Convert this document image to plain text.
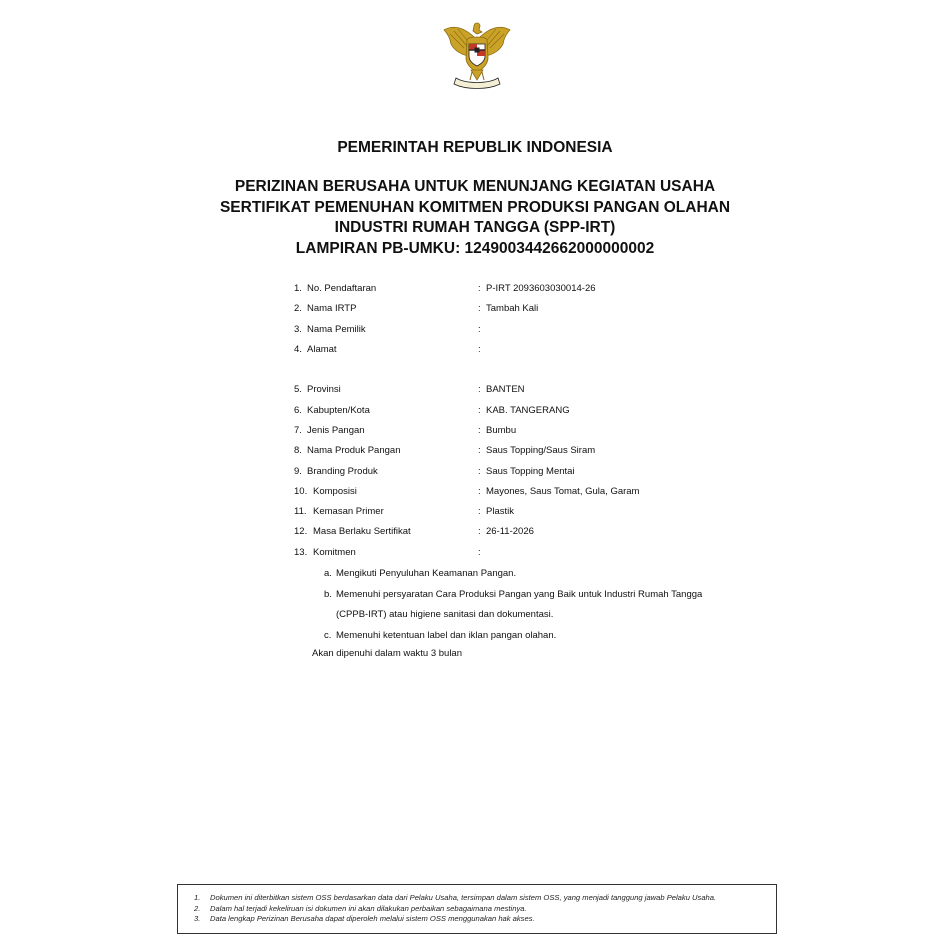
PEMERINTAH REPUBLIK INDONESIA
PERIZINAN BERUSAHA UNTUK MENUNJANG KEGIATAN USAHA
SERTIFIKAT PEMENUHAN KOMITMEN PRODUKSI PANGAN OLAHAN
INDUSTRI RUMAH TANGGA (SPP-IRT)
LAMPIRAN PB-UMKU: 1249003442662000000002
1. No. Pendaftaran	: P-IRT 2093603030014-26
2. Nama IRTP	: Tambah Kali
3. Nama Pemilik	:
4. Alamat	:
5. Provinsi	: BANTEN
6. Kabupten/Kota	: KAB. TANGERANG
7. Jenis Pangan	: Bumbu
8. Nama Produk Pangan	: Saus Topping/Saus Siram
9. Branding Produk	: Saus Topping Mentai
10. Komposisi	: Mayones, Saus Tomat, Gula, Garam
11. Kemasan Primer	: Plastik
12. Masa Berlaku Sertifikat	: 26-11-2026
13. Komitmen	:
a. Mengikuti Penyuluhan Keamanan Pangan.
b. Memenuhi persyaratan Cara Produksi Pangan yang Baik untuk Industri Rumah Tangga (CPPB-IRT) atau higiene sanitasi dan dokumentasi.
c. Memenuhi ketentuan label dan iklan pangan olahan.
Akan dipenuhi dalam waktu 3 bulan
1. Dokumen ini diterbitkan sistem OSS berdasarkan data dari Pelaku Usaha, tersimpan dalam sistem OSS, yang menjadi tanggung jawab Pelaku Usaha.
2. Dalam hal terjadi kekeliruan isi dokumen ini akan dilakukan perbaikan sebagaimana mestinya.
3. Data lengkap Perizinan Berusaha dapat diperoleh melalui sistem OSS menggunakan hak akses.
